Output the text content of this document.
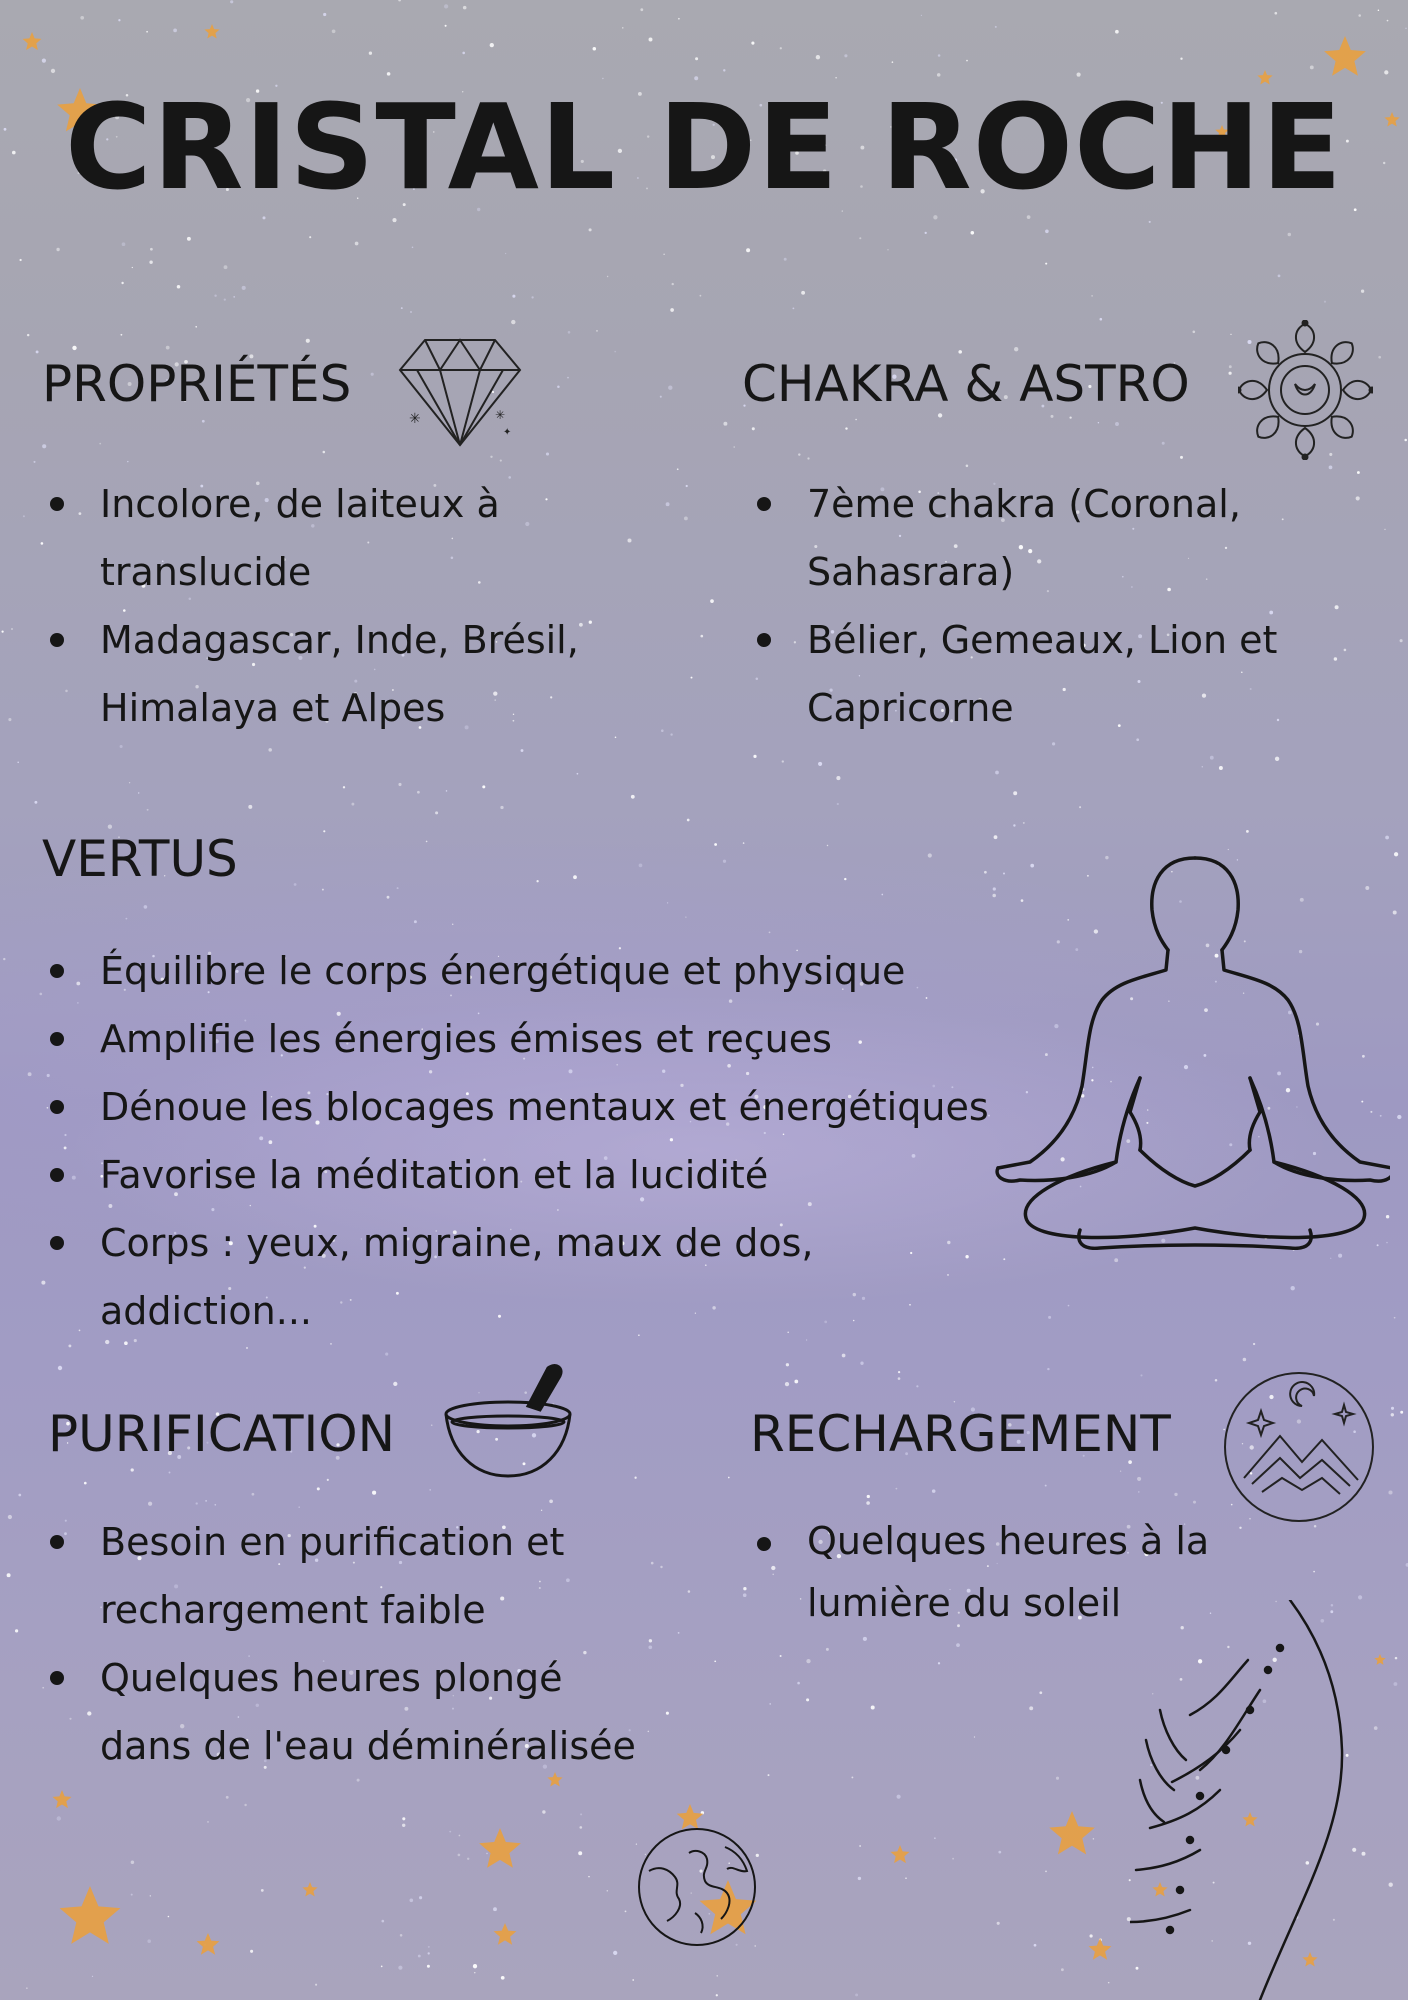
CRISTAL DE ROCHE
PROPRIÉTÉS
✳	✳
✦
Incolore, de laiteux à translucide
Madagascar, Inde, Brésil, Himalaya et Alpes
CHAKRA & ASTRO
7ème chakra (Coronal, Sahasrara)
Bélier, Gemeaux, Lion et Capricorne
VERTUS
Équilibre le corps énergétique et physique
Amplifie les énergies émises et reçues
Dénoue les blocages mentaux et énergétiques
Favorise la méditation et la lucidité
Corps : yeux, migraine, maux de dos, addiction...
PURIFICATION
Besoin en purification et rechargement faible
Quelques heures plongé dans de l'eau déminéralisée
RECHARGEMENT
Quelques heures à la lumière du soleil
